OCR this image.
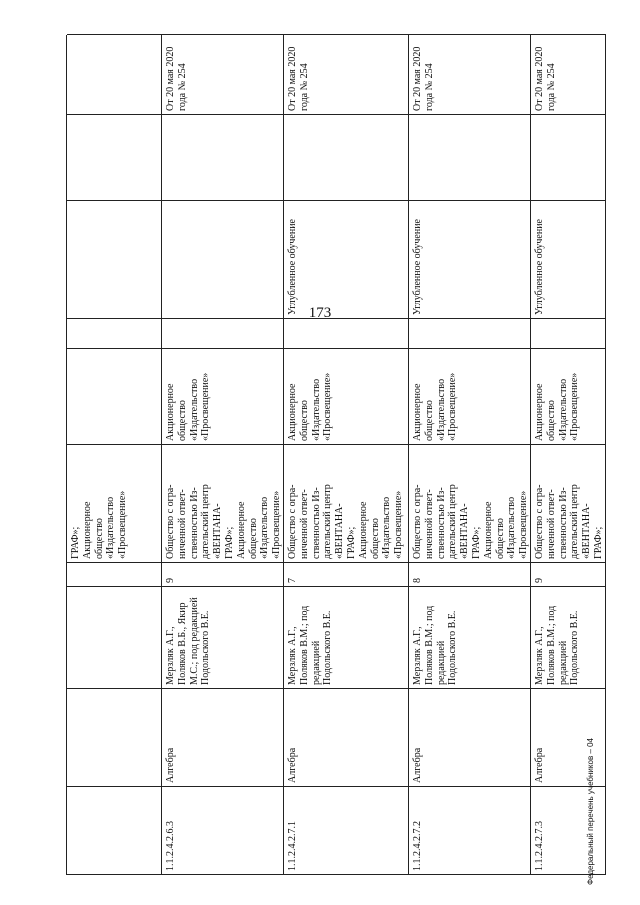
173
ГРАФ»; Акционерное общество «Издательство «Просвещение»
1.1.2.4.2.6.3
Алгебра
Мерзляк А.Г., Поляков В.Б., Якир М.С.; под редакцией Подольского В.Е.
9
Общество с огра- ниченной ответ- ственностью Из- дательский центр «ВЕНТАНА- ГРАФ»; Акционерное общество «Издательство «Просвещение»
Акционерное общество «Издательство «Просвещение»
От 20 мая 2020 года № 254
1.1.2.4.2.7.1
Алгебра
Мерзляк А.Г., Поляков В.М.; под редакцией Подольского В.Е.
7
Общество с огра- ниченной ответ- ственностью Из- дательский центр «ВЕНТАНА- ГРАФ»; Акционерное общество «Издательство «Просвещение»
Акционерное общество «Издательство «Просвещение»
Углубленное обучение
От 20 мая 2020 года № 254
1.1.2.4.2.7.2
Алгебра
Мерзляк А.Г., Поляков В.М.; под редакцией Подольского В.Е.
8
Общество с огра- ниченной ответ- ственностью Из- дательский центр «ВЕНТАНА- ГРАФ»; Акционерное общество «Издательство «Просвещение»
Акционерное общество «Издательство «Просвещение»
Углубленное обучение
От 20 мая 2020 года № 254
1.1.2.4.2.7.3
Алгебра
Мерзляк А.Г., Поляков В.М.; под редакцией Подольского В.Е.
9
Общество с огра- ниченной ответ- ственностью Из- дательский центр «ВЕНТАНА- ГРАФ»;
Акционерное общество «Издательство «Просвещение»
Углубленное обучение
От 20 мая 2020 года № 254
Федеральный перечень учебников – 04
